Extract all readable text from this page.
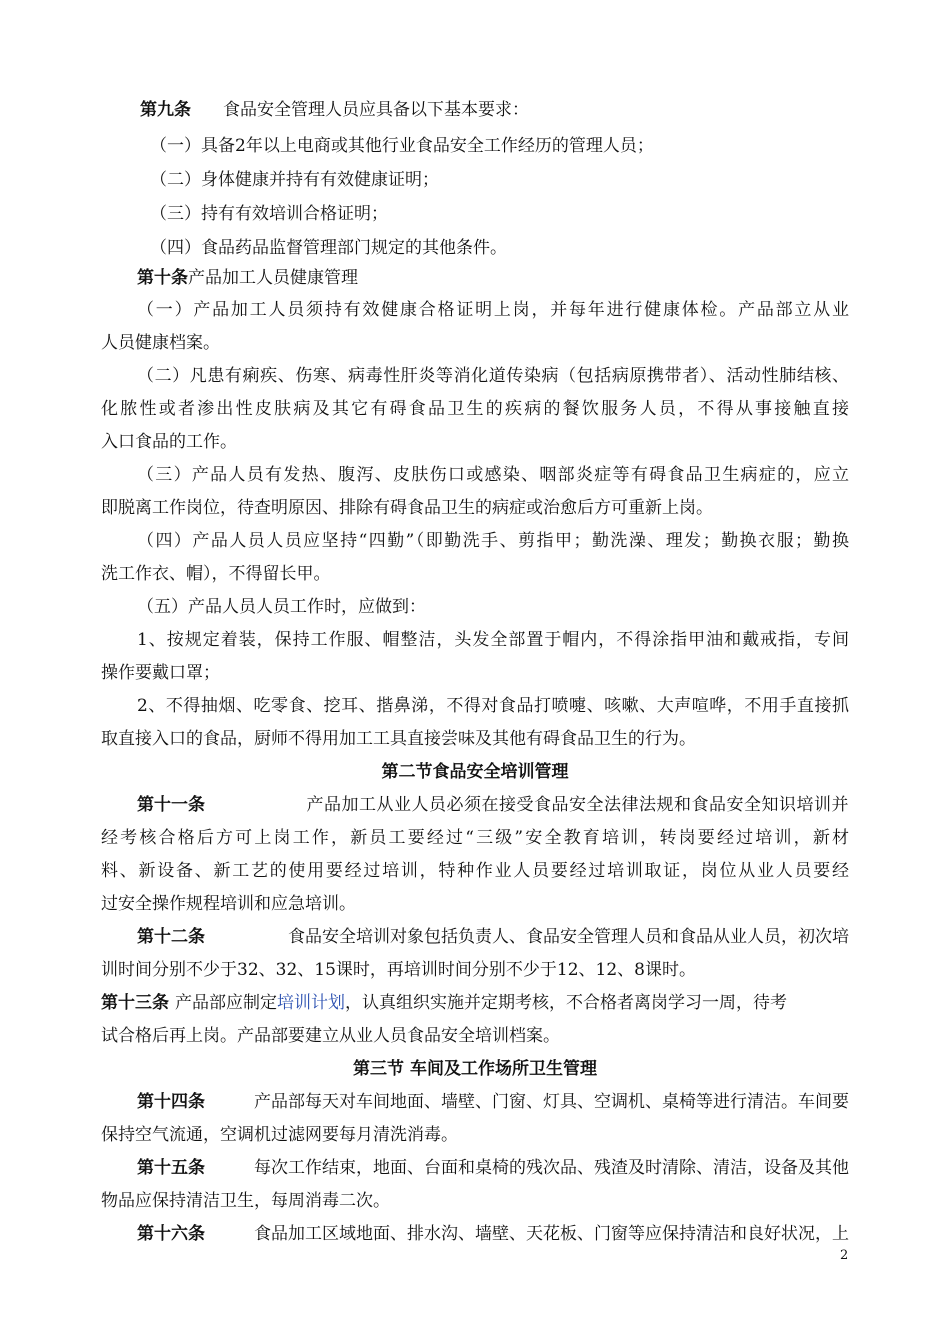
第九条 食品安全管理人员应具备以下基本要求：
（一）具备2年以上电商或其他行业食品安全工作经历的管理人员；
（二）身体健康并持有有效健康证明；
（三）持有有效培训合格证明；
（四）食品药品监督管理部门规定的其他条件。
第十条产品加工人员健康管理
（一）产品加工人员须持有效健康合格证明上岗，并每年进行健康体检。产品部立从业
人员健康档案。
（二）凡患有痢疾、伤寒、病毒性肝炎等消化道传染病（包括病原携带者）、活动性肺结核、
化脓性或者渗出性皮肤病及其它有碍食品卫生的疾病的餐饮服务人员，不得从事接触直接
入口食品的工作。
（三）产品人员有发热、腹泻、皮肤伤口或感染、咽部炎症等有碍食品卫生病症的，应立
即脱离工作岗位，待查明原因、排除有碍食品卫生的病症或治愈后方可重新上岗。
（四）产品人员人员应坚持“四勤”（即勤洗手、剪指甲；勤洗澡、理发；勤换衣服；勤换
洗工作衣、帽），不得留长甲。
（五）产品人员人员工作时，应做到：
1、按规定着装，保持工作服、帽整洁，头发全部置于帽内，不得涂指甲油和戴戒指，专间
操作要戴口罩；
2、不得抽烟、吃零食、挖耳、揩鼻涕，不得对食品打喷嚏、咳嗽、大声喧哗，不用手直接抓
取直接入口的食品，厨师不得用加工工具直接尝味及其他有碍食品卫生的行为。
第二节食品安全培训管理
第十一条	产品加工从业人员必须在接受食品安全法律法规和食品安全知识培训并
经考核合格后方可上岗工作，新员工要经过“三级”安全教育培训，转岗要经过培训，新材
料、新设备、新工艺的使用要经过培训，特种作业人员要经过培训取证，岗位从业人员要经
过安全操作规程培训和应急培训。
第十二条	食品安全培训对象包括负责人、食品安全管理人员和食品从业人员，初次培
训时间分别不少于32、32、15课时，再培训时间分别不少于12、12、8课时。
第十三条 产品部应制定 培训计划 ，认真组织实施并定期考核，不合格者离岗学习一周，待考
试合格后再上岗。产品部要建立从业人员食品安全培训档案。
第三节 车间及工作场所卫生管理
第十四条	产品部每天对车间地面、墙壁、门窗、灯具、空调机、桌椅等进行清洁。车间要
保持空气流通，空调机过滤网要每月清洗消毒。
第十五条	每次工作结束，地面、台面和桌椅的残次品、残渣及时清除、清洁，设备及其他
物品应保持清洁卫生，每周消毒二次。
第十六条	食品加工区域地面、排水沟、墙壁、天花板、门窗等应保持清洁和良好状况，上
2
